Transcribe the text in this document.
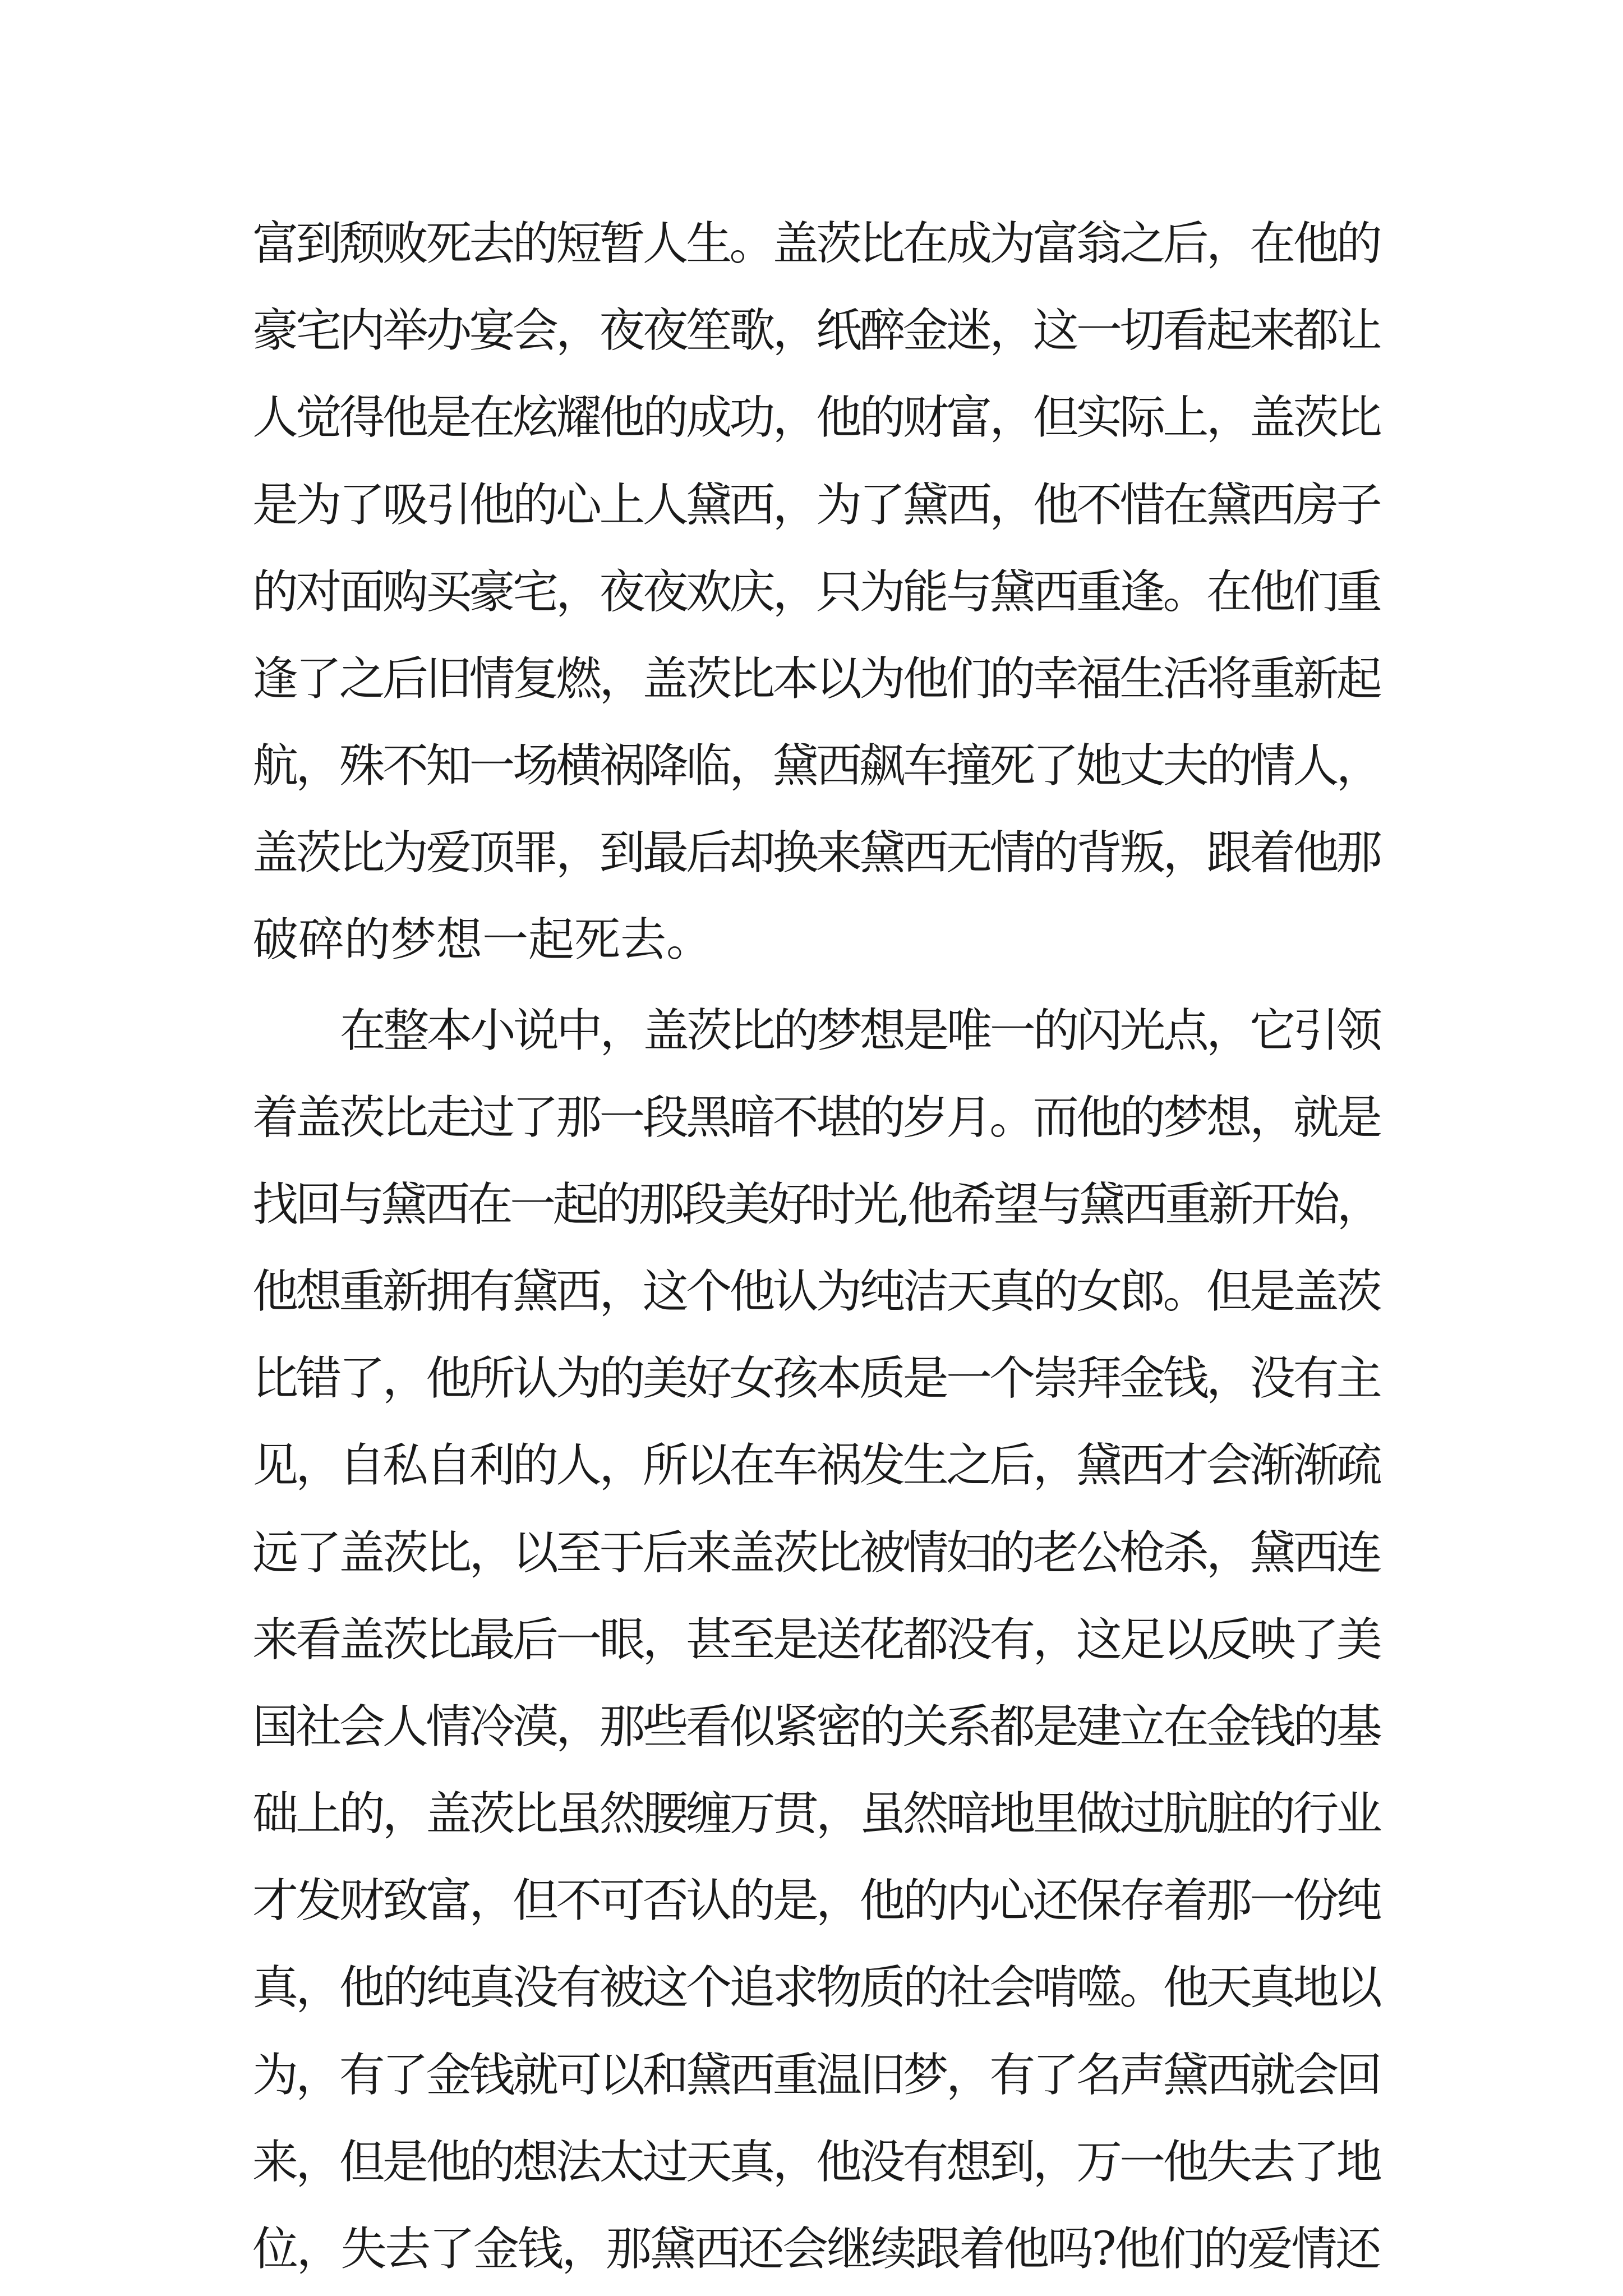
富到颓败死去的短暂人生。盖茨比在成为富翁之后，在他的
豪宅内举办宴会，夜夜笙歌，纸醉金迷，这一切看起来都让
人觉得他是在炫耀他的成功，他的财富，但实际上，盖茨比
是为了吸引他的心上人黛西，为了黛西，他不惜在黛西房子
的对面购买豪宅，夜夜欢庆，只为能与黛西重逢。在他们重
逢了之后旧情复燃，盖茨比本以为他们的幸福生活将重新起
航，殊不知一场横祸降临，黛西飙车撞死了她丈夫的情人，
盖茨比为爱顶罪，到最后却换来黛西无情的背叛，跟着他那
破碎的梦想一起死去。
在整本小说中，盖茨比的梦想是唯一的闪光点，它引领
着盖茨比走过了那一段黑暗不堪的岁月。而他的梦想，就是
找回与黛西在一起的那段美好时光,他希望与黛西重新开始，
他想重新拥有黛西，这个他认为纯洁天真的女郎。但是盖茨
比错了，他所认为的美好女孩本质是一个崇拜金钱，没有主
见，自私自利的人，所以在车祸发生之后，黛西才会渐渐疏
远了盖茨比，以至于后来盖茨比被情妇的老公枪杀，黛西连
来看盖茨比最后一眼，甚至是送花都没有，这足以反映了美
国社会人情冷漠，那些看似紧密的关系都是建立在金钱的基
础上的，盖茨比虽然腰缠万贯，虽然暗地里做过肮脏的行业
才发财致富，但不可否认的是，他的内心还保存着那一份纯
真，他的纯真没有被这个追求物质的社会啃噬。他天真地以
为，有了金钱就可以和黛西重温旧梦，有了名声黛西就会回
来，但是他的想法太过天真，他没有想到，万一他失去了地
位，失去了金钱，那黛西还会继续跟着他吗?他们的爱情还
